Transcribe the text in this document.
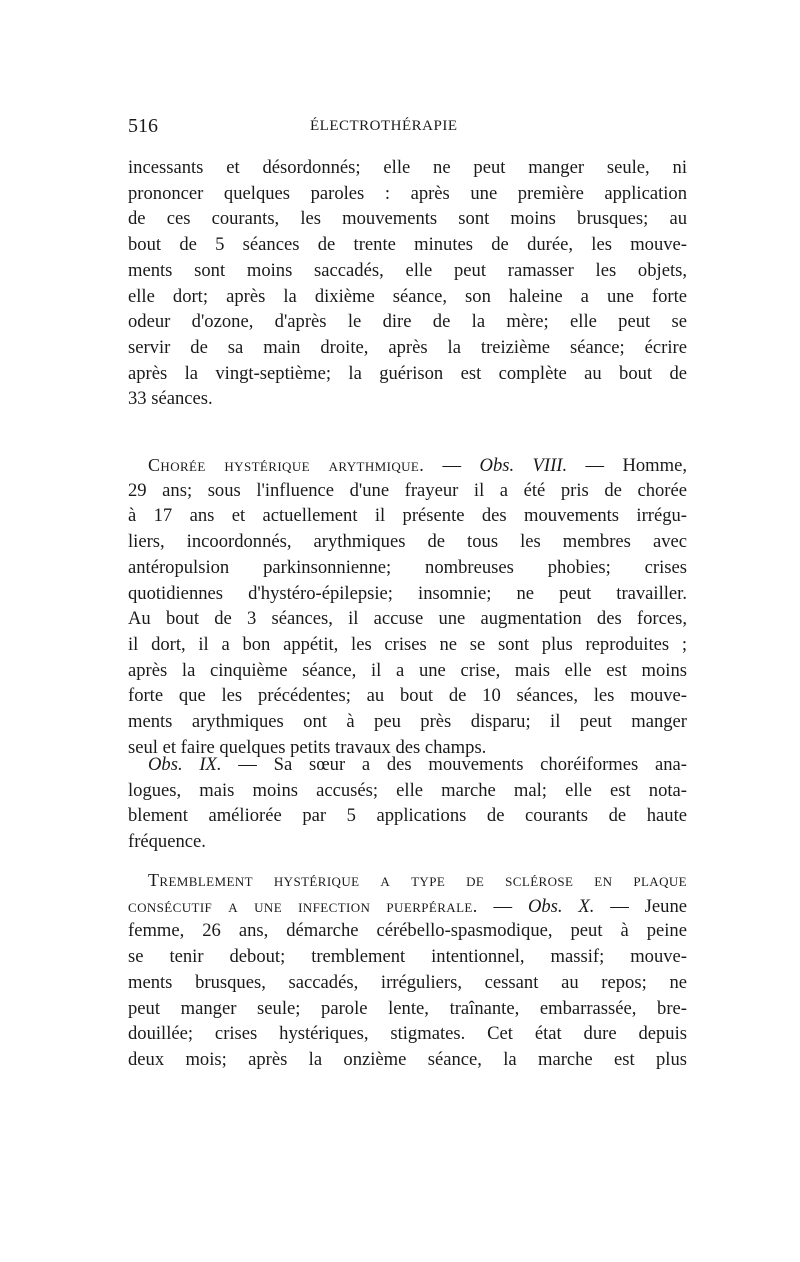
516	ÉLECTROTHÉRAPIE
incessants et désordonnés; elle ne peut manger seule, ni
prononcer quelques paroles : après une première application
de ces courants, les mouvements sont moins brusques; au
bout de 5 séances de trente minutes de durée, les mouve-
ments sont moins saccadés, elle peut ramasser les objets,
elle dort; après la dixième séance, son haleine a une forte
odeur d'ozone, d'après le dire de la mère; elle peut se
servir de sa main droite, après la treizième séance; écrire
après la vingt-septième; la guérison est complète au bout de
33 séances.
Chorée hystérique arythmique. — Obs. VIII. — Homme,
29 ans; sous l'influence d'une frayeur il a été pris de chorée
à 17 ans et actuellement il présente des mouvements irrégu-
liers, incoordonnés, arythmiques de tous les membres avec
antéropulsion parkinsonnienne; nombreuses phobies; crises
quotidiennes d'hystéro-épilepsie; insomnie; ne peut travailler.
Au bout de 3 séances, il accuse une augmentation des forces,
il dort, il a bon appétit, les crises ne se sont plus reproduites ;
après la cinquième séance, il a une crise, mais elle est moins
forte que les précédentes; au bout de 10 séances, les mouve-
ments arythmiques ont à peu près disparu; il peut manger
seul et faire quelques petits travaux des champs.
Obs. IX. — Sa sœur a des mouvements choréiformes ana-
logues, mais moins accusés; elle marche mal; elle est nota-
blement améliorée par 5 applications de courants de haute
fréquence.
Tremblement hystérique a type de sclérose en plaque
consécutif a une infection puerpérale. — Obs. X. — Jeune
femme, 26 ans, démarche cérébello-spasmodique, peut à peine
se tenir debout; tremblement intentionnel, massif; mouve-
ments brusques, saccadés, irréguliers, cessant au repos; ne
peut manger seule; parole lente, traînante, embarrassée, bre-
douillée; crises hystériques, stigmates. Cet état dure depuis
deux mois; après la onzième séance, la marche est plus
